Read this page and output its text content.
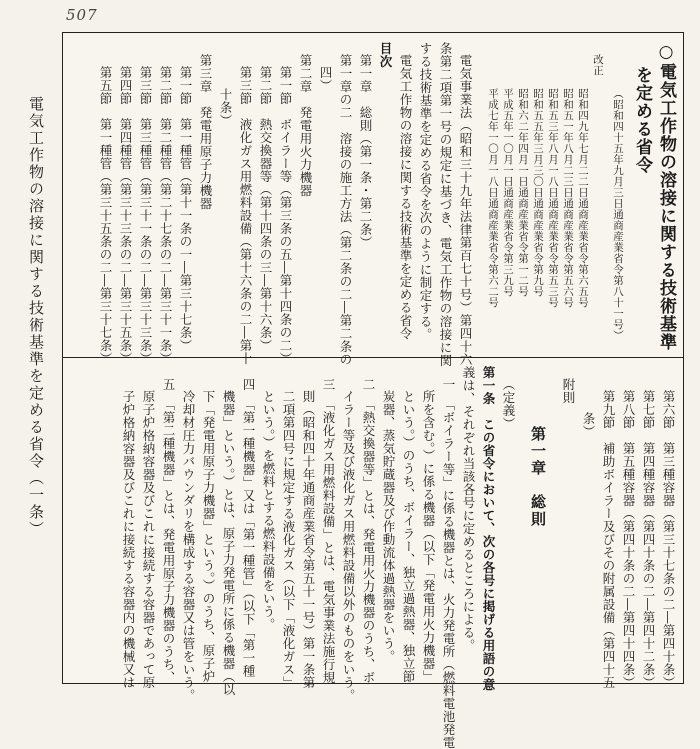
507
電気工作物の溶接に関する技術基準を定める省令（一条）	○電気工作物の溶接に関する技術基準
を定める省令
（昭和四十五年九月三日通商産業省令第八十一号）
改正
昭和四九年七月二二日通商産業省令第六五号
昭和五一年八月二三日通商産業省令第五六号
昭和五三年八月一八日通商産業省令第五三号
昭和五五年三月三〇日通商産業省令第九号
昭和六二年四月一日通商産業省令第一二号
平成五年一〇月一日通商産業省令第三九号
平成七年一〇月一八日通商産業省令第六二号
電気事業法（昭和三十九年法律第百七十号）第四十六
条第二項第一号の規定に基づき、電気工作物の溶接に関
する技術基準を定める省令を次のように制定する。
電気工作物の溶接に関する技術基準を定める省令
目次
第一章　総則（第一条・第二条）
第一章の二　溶接の施工方法（第二条の二―第二条の
四）
第二章　発電用火力機器
第一節　ボイラー等（第三条の五―第十四条の二）
第二節　熱交換器等（第十四条の三―第十六条）
第三節　液化ガス用燃料設備（第十六条の二―第十
十条）
第三章　発電用原子力機器
第一節　第一種管（第十一条の一―第三十七条）
第二節　第二種管（第二十七条の二―第三十一条）
第三節　第三種管（第三十一条の二―第三十三条）
第四節　第四種管（第三十三条の二―第三十五条）
第五節　第一種管（第三十五条の二―第三十七条）
第六節　第三種容器（第三十七条の二―第四十条）
第七節　第四種容器（第四十条の二―第四十二条）
第八節　第五種容器（第四十条の二―第四十四条）
第九節　補助ボイラー及びその附属設備（第四十五
条）
附則
第一章　総則
（定義）
第一条　この省令において、次の各号に掲げる用語の意
義は、それぞれ当該各号に定めるところによる。
一　「ボイラー等」に係る機器とは、火力発電所（燃料電池発電
所を含む。）に係る機器（以下「発電用火力機器」
という。）のうち、ボイラー、独立過熱器、独立節
炭器、蒸気貯蔵器及び作動流体過熱器をいう。
二　「熱交換器等」とは、発電用火力機器のうち、ボ
イラー等及び液化ガス用燃料設備以外のものをいう。
三　「液化ガス用燃料設備」とは、電気事業法施行規
則（昭和四十年通商産業省令第五十一号）第一条第
二項第四号に規定する液化ガス（以下「液化ガス」
という。）を燃料とする燃料設備をいう。
四　「第一種機器」又は「第一種管」（以下「第一種
機器」という。）とは、原子力発電所に係る機器（以
下「発電用原子力機器」という。）のうち、原子炉
冷却材圧力バウンダリを構成する容器又は管をいう。
五　「第二種機器」とは、発電用原子力機器のうち、
原子炉格納容器及びこれに接続する容器であって原
子炉格納容器及びこれに接続する容器内の機械又は
